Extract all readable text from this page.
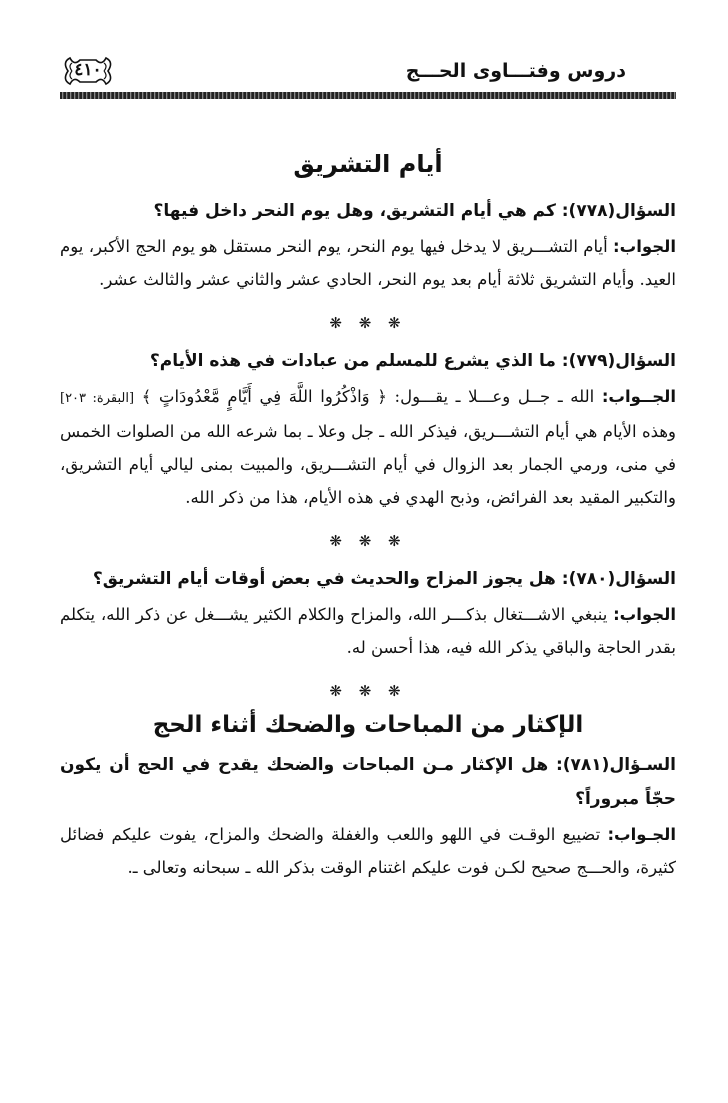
٤١٠	دروس وفتـــاوى الحـــج
أيام التشريق

السؤال(٧٧٨): كم هي أيام التشريق، وهل يوم النحر داخل فيها؟

الجواب: أيام التشـــريق لا يدخل فيها يوم النحر، يوم النحر مستقل هو يوم الحج الأكبر، يوم العيد. وأيام التشريق ثلاثة أيام بعد يوم النحر، الحادي عشر والثاني عشر والثالث عشر.

❋ ❋ ❋

السؤال(٧٧٩): ما الذي يشرع للمسلم من عبادات في هذه الأيام؟

الجــواب: الله ـ جــل وعـــلا ـ يقـــول: ﴿ وَاذْكُرُوا اللَّهَ فِي أَيَّامٍ مَّعْدُودَاتٍ ﴾ [البقرة: ٢٠٣] وهذه الأيام هي أيام التشـــريق، فيذكر الله ـ جل وعلا ـ بما شرعه الله من الصلوات الخمس في منى، ورمي الجمار بعد الزوال في أيام التشـــريق، والمبيت بمنى ليالي أيام التشريق، والتكبير المقيد بعد الفرائض، وذبح الهدي في هذه الأيام، هذا من ذكر الله.

❋ ❋ ❋

السؤال(٧٨٠): هل يجوز المزاح والحديث في بعض أوقات أيام التشريق؟

الجواب: ينبغي الاشـــتغال بذكـــر الله، والمزاح والكلام الكثير يشـــغل عن ذكر الله، يتكلم بقدر الحاجة والباقي يذكر الله فيه، هذا أحسن له.

❋ ❋ ❋
الإكثار من المباحات والضحك أثناء الحج

السـؤال(٧٨١): هل الإكثار مـن المباحات والضحك يقدح في الحج أن يكون حجّاً مبروراً؟

الجـواب: تضييع الوقـت في اللهو واللعب والغفلة والضحك والمزاح، يفوت عليكم فضائل كثيرة، والحـــج صحيح لكـن فوت عليكم اغتنام الوقت بذكر الله ـ سبحانه وتعالى ـ.
